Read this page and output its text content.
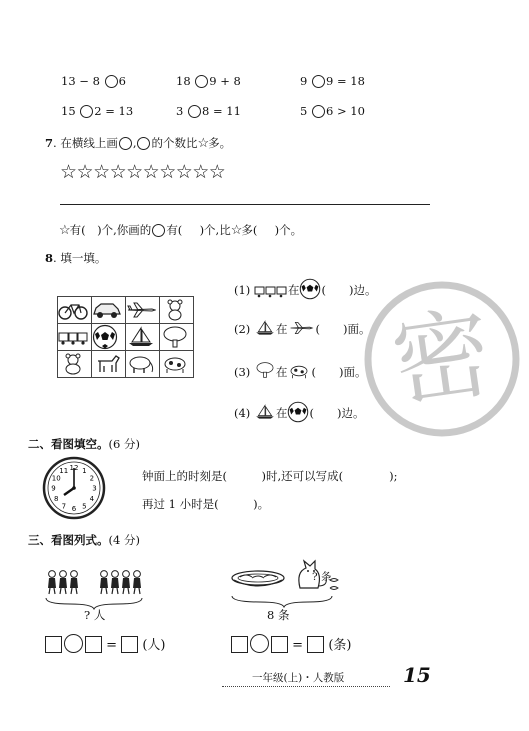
13 − 8 6	18 9 + 8	9 9 = 18
15 2 = 13	3 8 = 11	5 6 > 10
7. 在横线上画 , 的个数比☆多。
☆☆☆☆☆☆☆☆☆☆
☆有(  )个,你画的 有(   )个,比☆多(   )个。
8. 填一填。

(1)	在 (  )边。
(2) 在 (  )面。
(3) 在 (  )面。
(4) 在 (  )边。 密
二、看图填空。(6 分)
12 1
2
3
4
5
6
7
8
9
10
11	钟面上的时刻是(　　　)时,还可以写成(　　　　);
再过 1 小时是(　　　)。
三、看图列式。(4 分)
? 人
? 条
8 条
= (人)	= (条)
一年级(上)・人教版	15
